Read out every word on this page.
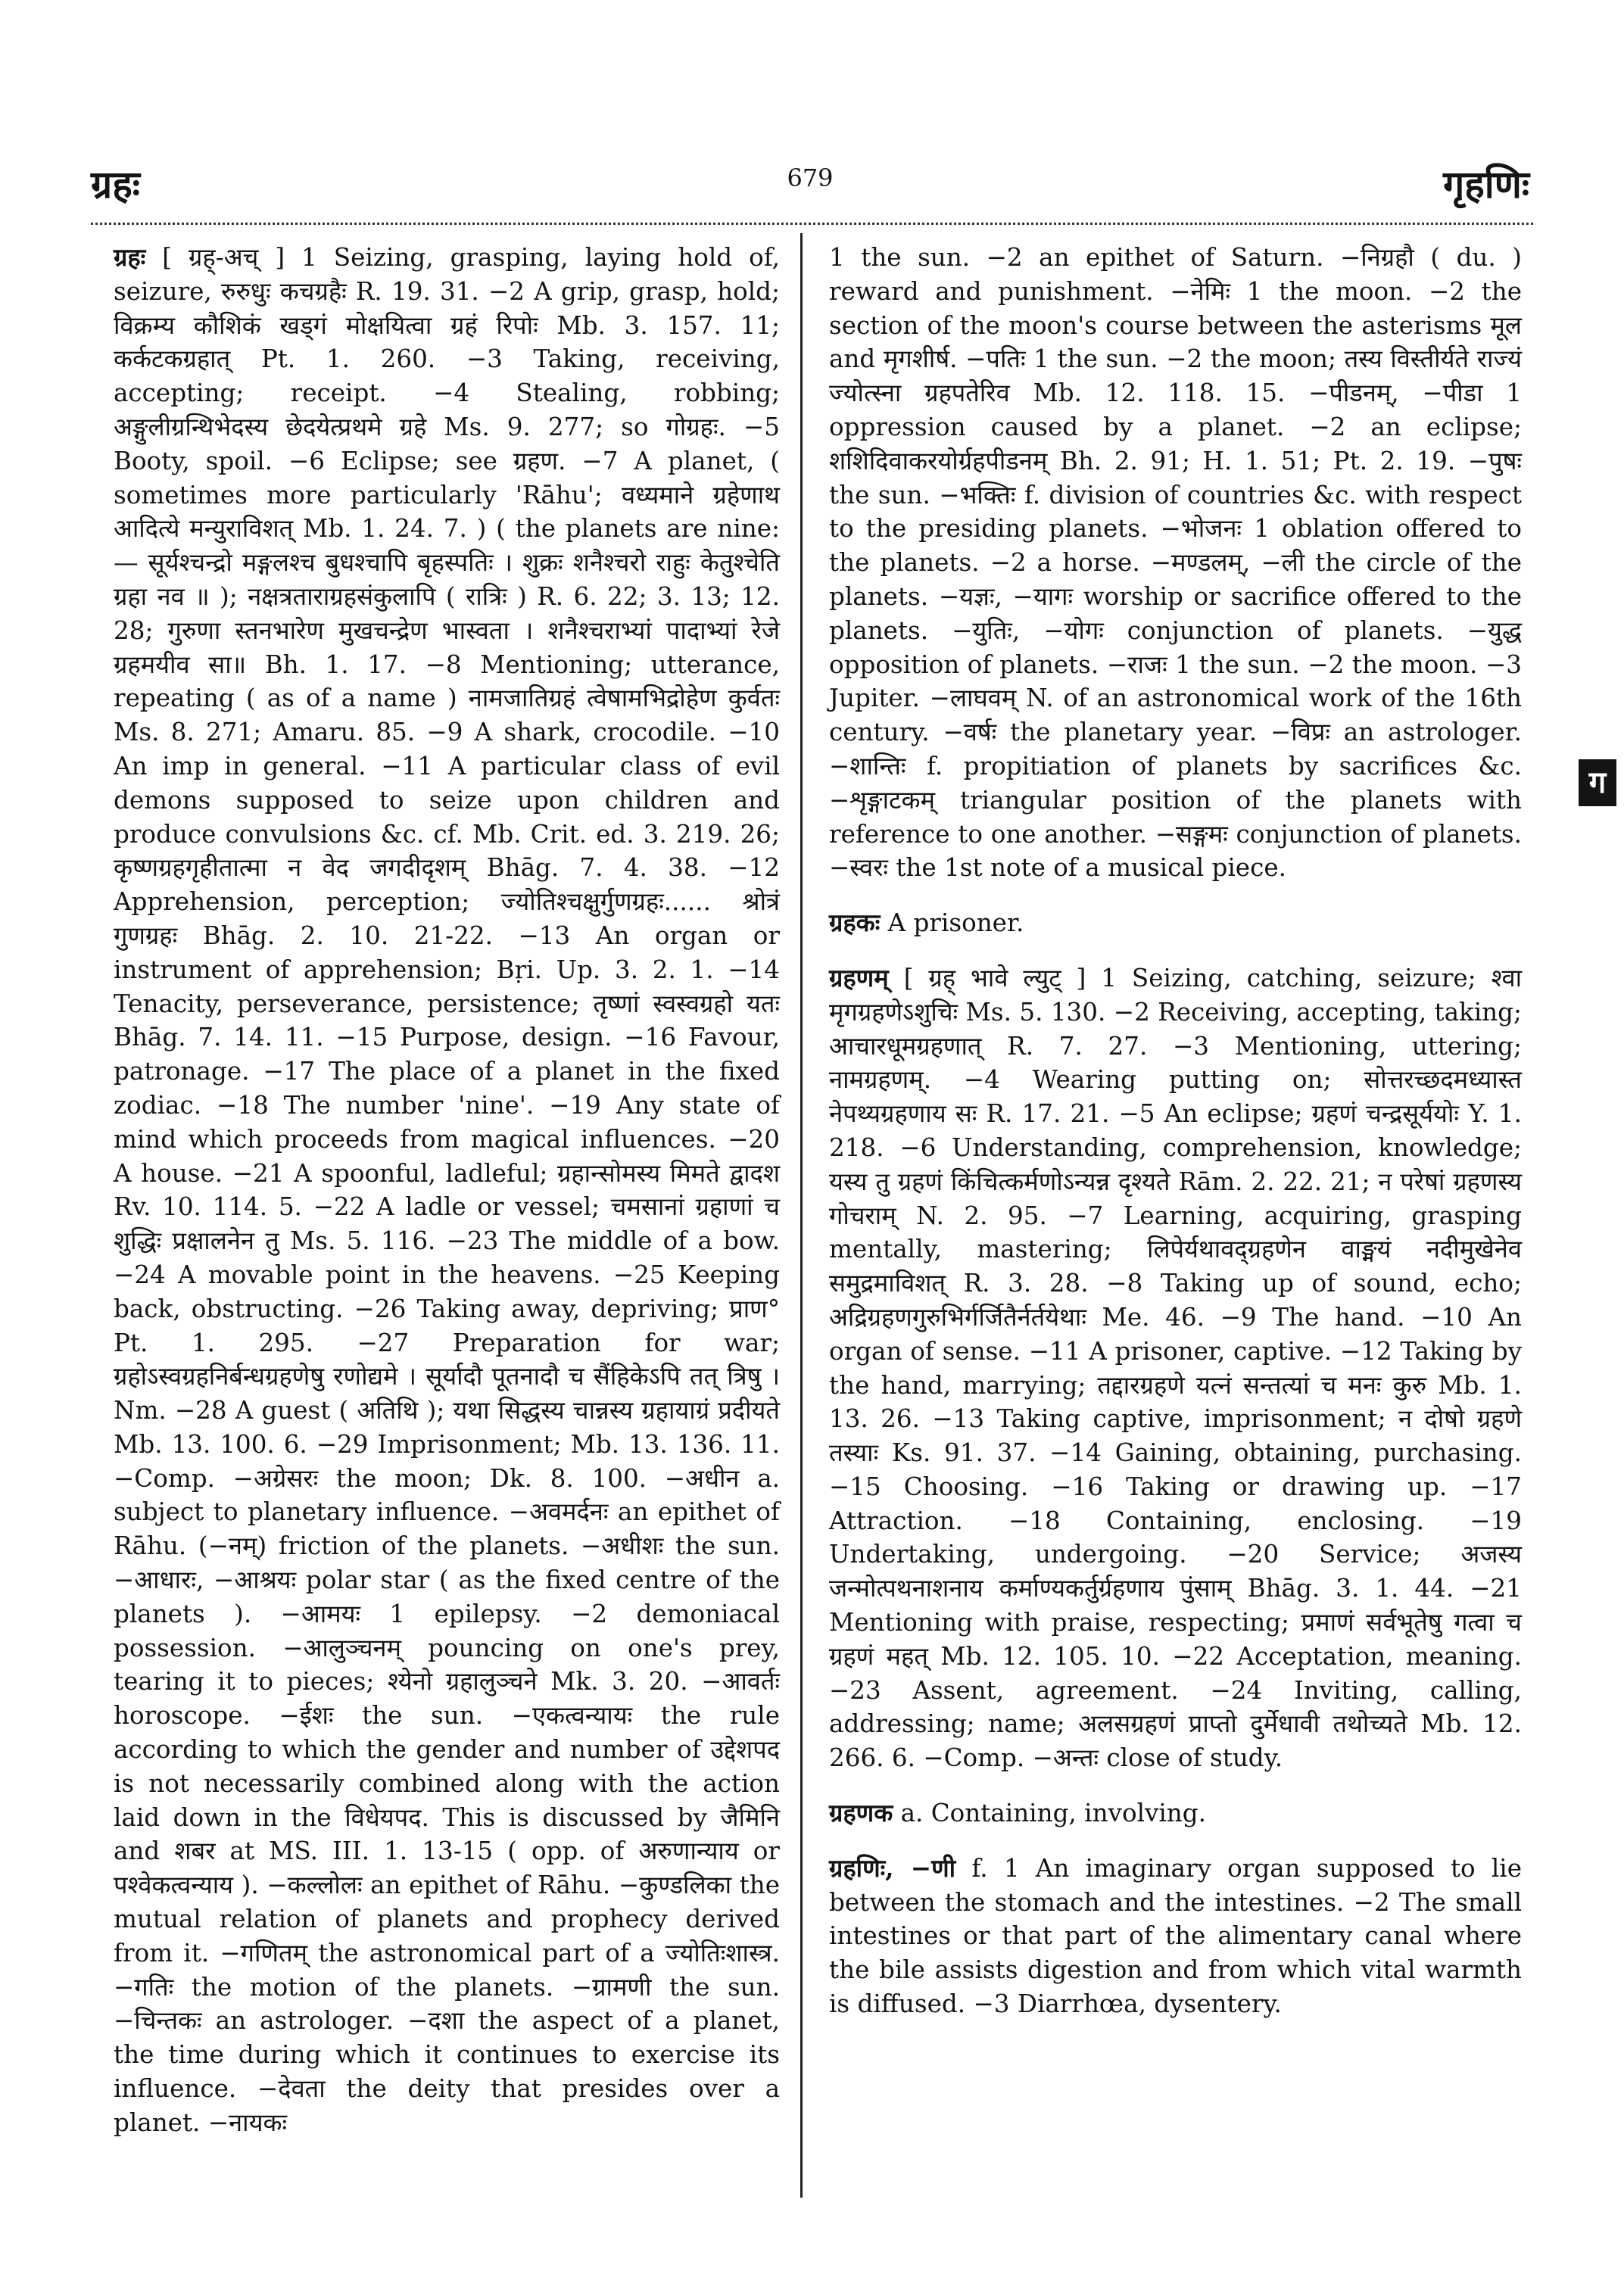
ग्रहः	679	गृहणिः

ग्रहः [ ग्रह्-अच् ] 1 Seizing, grasping, laying hold of, seizure, रुरुधुः कचग्रहैः R. 19. 31. −2 A grip, grasp, hold; विक्रम्य कौशिकं खड्गं मोक्षयित्वा ग्रहं रिपोः Mb. 3. 157. 11; कर्कटकग्रहात् Pt. 1. 260. −3 Taking, receiving, accepting; receipt. −4 Stealing, robbing; अङ्गुलीग्रन्थिभेदस्य छेदयेत्प्रथमे ग्रहे Ms. 9. 277; so गोग्रहः. −5 Booty, spoil. −6 Eclipse; see ग्रहण. −7 A planet, ( sometimes more particularly 'Rāhu'; वध्यमाने ग्रहेणाथ आदित्ये मन्युराविशत् Mb. 1. 24. 7. ) ( the planets are nine:— सूर्यश्चन्द्रो मङ्गलश्च बुधश्चापि बृहस्पतिः । शुक्रः शनैश्चरो राहुः केतुश्चेति ग्रहा नव ॥ ); नक्षत्रताराग्रहसंकुलापि ( रात्रिः ) R. 6. 22; 3. 13; 12. 28; गुरुणा स्तनभारेण मुखचन्द्रेण भास्वता । शनैश्चराभ्यां पादाभ्यां रेजे ग्रहमयीव सा॥ Bh. 1. 17. −8 Mentioning; utterance, repeating ( as of a name ) नामजातिग्रहं त्वेषामभिद्रोहेण कुर्वतः Ms. 8. 271; Amaru. 85. −9 A shark, crocodile. −10 An imp in general. −11 A particular class of evil demons supposed to seize upon children and produce convulsions &c. cf. Mb. Crit. ed. 3. 219. 26; कृष्णग्रहगृहीतात्मा न वेद जगदीदृशम् Bhāg. 7. 4. 38. −12 Apprehension, perception; ज्योतिश्चक्षुर्गुणग्रहः...... श्रोत्रं गुणग्रहः Bhāg. 2. 10. 21-22. −13 An organ or instrument of apprehension; Bṛi. Up. 3. 2. 1. −14 Tenacity, perseverance, persistence; तृष्णां स्वस्वग्रहो यतः Bhāg. 7. 14. 11. −15 Purpose, design. −16 Favour, patronage. −17 The place of a planet in the fixed zodiac. −18 The number 'nine'. −19 Any state of mind which proceeds from magical influences. −20 A house. −21 A spoonful, ladleful; ग्रहान्सोमस्य मिमते द्वादश Rv. 10. 114. 5. −22 A ladle or vessel; चमसानां ग्रहाणां च शुद्धिः प्रक्षालनेन तु Ms. 5. 116. −23 The middle of a bow. −24 A movable point in the heavens. −25 Keeping back, obstructing. −26 Taking away, depriving; प्राण° Pt. 1. 295. −27 Preparation for war; ग्रहोऽस्वग्रहनिर्बन्धग्रहणेषु रणोद्यमे । सूर्यादौ पूतनादौ च सैंहिकेऽपि तत् त्रिषु । Nm. −28 A guest ( अतिथि ); यथा सिद्धस्य चान्नस्य ग्रहायाग्रं प्रदीयते Mb. 13. 100. 6. −29 Imprisonment; Mb. 13. 136. 11. −Comp. −अग्रेसरः the moon; Dk. 8. 100. −अधीन a. subject to planetary influence. −अवमर्दनः an epithet of Rāhu. (−नम्) friction of the planets. −अधीशः the sun. −आधारः, −आश्रयः polar star ( as the fixed centre of the planets ). −आमयः 1 epilepsy. −2 demoniacal possession. −आलुञ्चनम् pouncing on one's prey, tearing it to pieces; श्येनो ग्रहालुञ्चने Mk. 3. 20. −आवर्तः horoscope. −ईशः the sun. −एकत्वन्यायः the rule according to which the gender and number of उद्देशपद is not necessarily combined along with the action laid down in the विधेयपद. This is discussed by जैमिनि and शबर at MS. III. 1. 13-15 ( opp. of अरुणान्याय or पश्वेकत्वन्याय ). −कल्लोलः an epithet of Rāhu. −कुण्डलिका the mutual relation of planets and prophecy derived from it. −गणितम् the astronomical part of a ज्योतिःशास्त्र. −गतिः the motion of the planets. −ग्रामणी the sun. −चिन्तकः an astrologer. −दशा the aspect of a planet, the time during which it continues to exercise its influence. −देवता the deity that presides over a planet. −नायकः

1 the sun. −2 an epithet of Saturn. −निग्रहौ ( du. ) reward and punishment. −नेमिः 1 the moon. −2 the section of the moon's course between the asterisms मूल and मृगशीर्ष. −पतिः 1 the sun. −2 the moon; तस्य विस्तीर्यते राज्यं ज्योत्स्ना ग्रहपतेरिव Mb. 12. 118. 15. −पीडनम्, −पीडा 1 oppression caused by a planet. −2 an eclipse; शशिदिवाकरयोर्ग्रहपीडनम् Bh. 2. 91; H. 1. 51; Pt. 2. 19. −पुषः the sun. −भक्तिः f. division of countries &c. with respect to the presiding planets. −भोजनः 1 oblation offered to the planets. −2 a horse. −मण्डलम्, −ली the circle of the planets. −यज्ञः, −यागः worship or sacrifice offered to the planets. −युतिः, −योगः conjunction of planets. −युद्ध opposition of planets. −राजः 1 the sun. −2 the moon. −3 Jupiter. −लाघवम् N. of an astronomical work of the 16th century. −वर्षः the planetary year. −विप्रः an astrologer. −शान्तिः f. propitiation of planets by sacrifices &c. −शृङ्गाटकम् triangular position of the planets with reference to one another. −सङ्गमः conjunction of planets. −स्वरः the 1st note of a musical piece.

ग्रहकः A prisoner.

ग्रहणम् [ ग्रह् भावे ल्युट् ] 1 Seizing, catching, seizure; श्वा मृगग्रहणेऽशुचिः Ms. 5. 130. −2 Receiving, accepting, taking; आचारधूमग्रहणात् R. 7. 27. −3 Mentioning, uttering; नामग्रहणम्. −4 Wearing putting on; सोत्तरच्छदमध्यास्त नेपथ्यग्रहणाय सः R. 17. 21. −5 An eclipse; ग्रहणं चन्द्रसूर्ययोः Y. 1. 218. −6 Understanding, comprehension, knowledge; यस्य तु ग्रहणं किंचित्कर्मणोऽन्यन्न दृश्यते Rām. 2. 22. 21; न परेषां ग्रहणस्य गोचराम् N. 2. 95. −7 Learning, acquiring, grasping mentally, mastering; लिपेर्यथावद्ग्रहणेन वाङ्मयं नदीमुखेनेव समुद्रमाविशत् R. 3. 28. −8 Taking up of sound, echo; अद्रिग्रहणगुरुभिर्गर्जितैर्नर्तयेथाः Me. 46. −9 The hand. −10 An organ of sense. −11 A prisoner, captive. −12 Taking by the hand, marrying; तद्दारग्रहणे यत्नं सन्तत्यां च मनः कुरु Mb. 1. 13. 26. −13 Taking captive, imprisonment; न दोषो ग्रहणे तस्याः Ks. 91. 37. −14 Gaining, obtaining, purchasing. −15 Choosing. −16 Taking or drawing up. −17 Attraction. −18 Containing, enclosing. −19 Undertaking, undergoing. −20 Service; अजस्य जन्मोत्पथनाशनाय कर्माण्यकर्तुर्ग्रहणाय पुंसाम् Bhāg. 3. 1. 44. −21 Mentioning with praise, respecting; प्रमाणं सर्वभूतेषु गत्वा च ग्रहणं महत् Mb. 12. 105. 10. −22 Acceptation, meaning. −23 Assent, agreement. −24 Inviting, calling, addressing; name; अलसग्रहणं प्राप्तो दुर्मेधावी तथोच्यते Mb. 12. 266. 6. −Comp. −अन्तः close of study.

ग्रहणक a. Containing, involving.

ग्रहणिः, −णी f. 1 An imaginary organ supposed to lie between the stomach and the intestines. −2 The small intestines or that part of the alimentary canal where the bile assists digestion and from which vital warmth is diffused. −3 Diarrhœa, dysentery.

ग
